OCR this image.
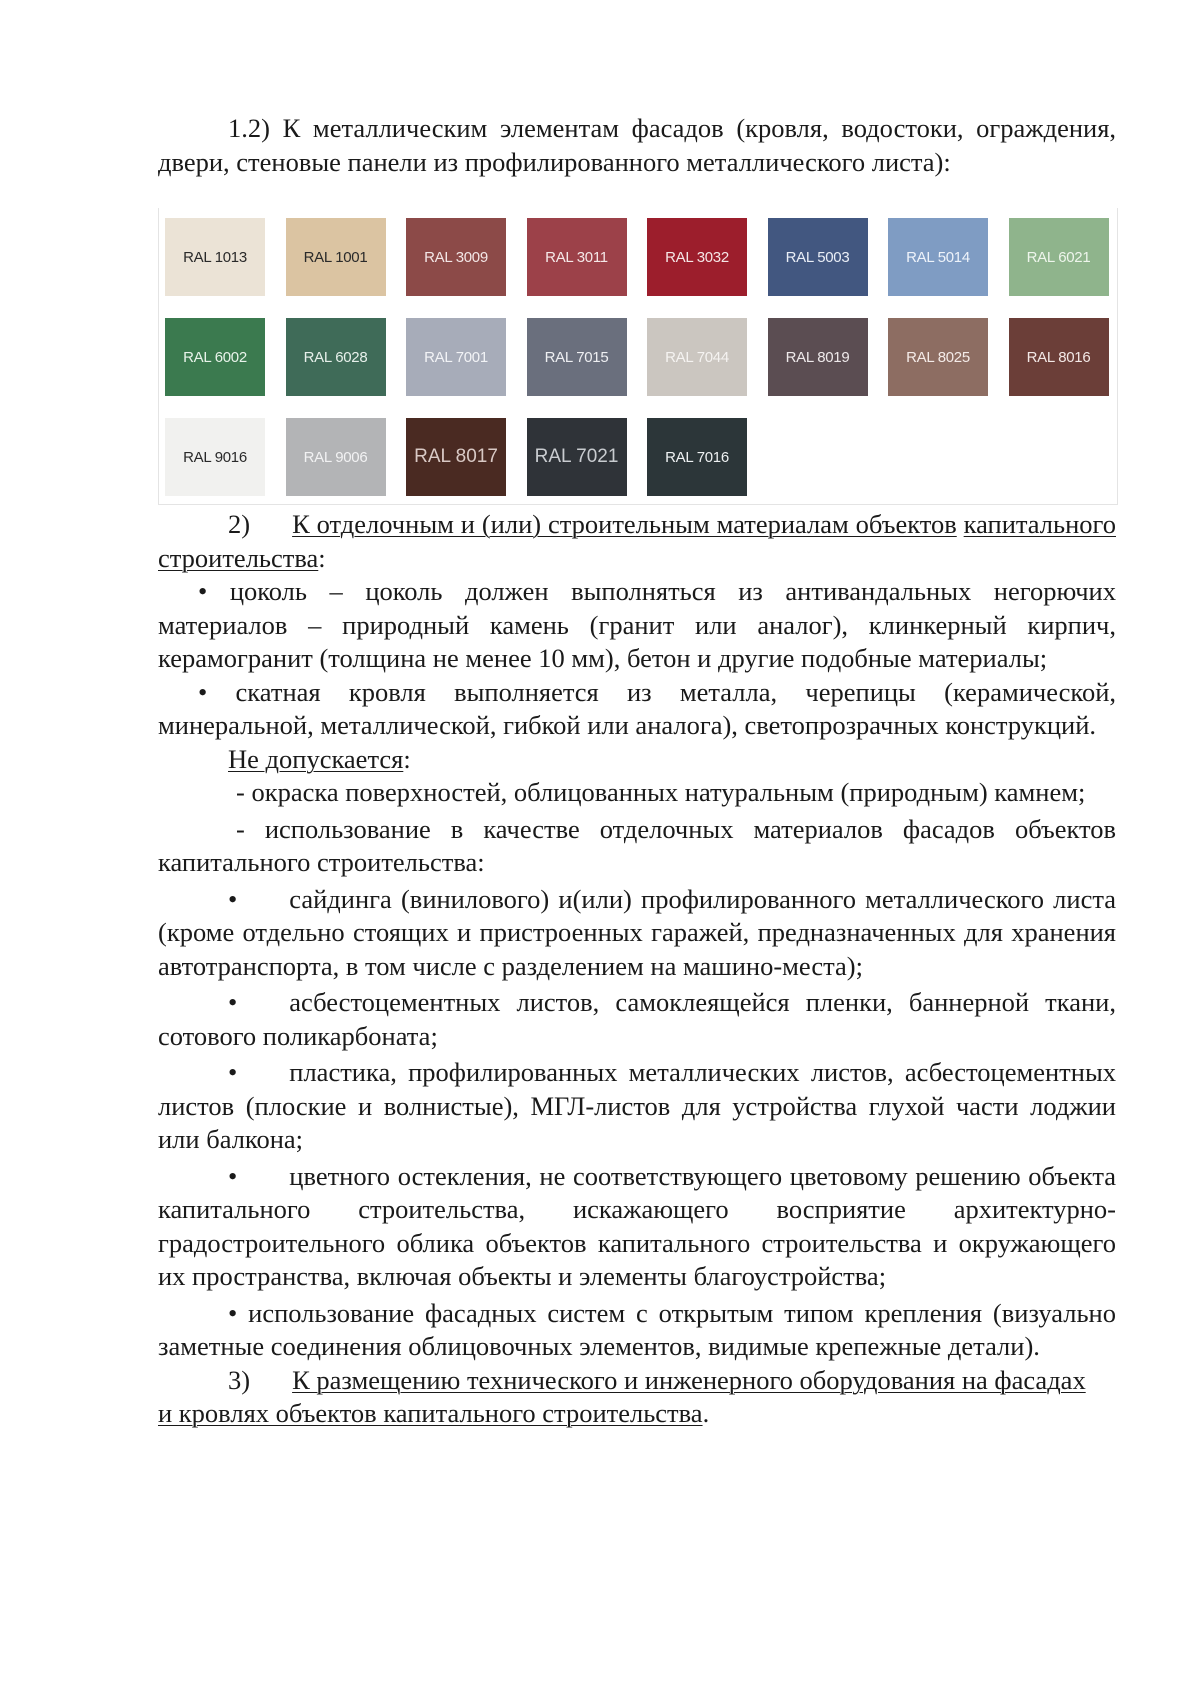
RAL 1013	RAL 1001	RAL 3009	RAL 3011	RAL 3032	RAL 5003	RAL 5014	RAL 6021
RAL 6002	RAL 6028	RAL 7001	RAL 7015	RAL 7044	RAL 8019	RAL 8025	RAL 8016
RAL 9016	RAL 9006	RAL 8017	RAL 7021	RAL 7016

1.2) К металлическим элементам фасадов (кровля, водостоки, ограждения, двери, стеновые панели из профилированного металлического листа):

2) К отделочным и (или) строительным материалам объектов капитального строительства:

• цоколь – цоколь должен выполняться из антивандальных негорючих материалов – природный камень (гранит или аналог), клинкерный кирпич, керамогранит (толщина не менее 10 мм), бетон и другие подобные материалы;

• скатная кровля выполняется из металла, черепицы (керамической, минеральной, металлической, гибкой или аналога), светопрозрачных конструкций.

Не допускается:

- окраска поверхностей, облицованных натуральным (природным) камнем;

- использование в качестве отделочных материалов фасадов объектов капитального строительства:

• сайдинга (винилового) и(или) профилированного металлического листа (кроме отдельно стоящих и пристроенных гаражей, предназначенных для хранения автотранспорта, в том числе с разделением на машино-места);

• асбестоцементных листов, самоклеящейся пленки, баннерной ткани, сотового поликарбоната;

• пластика, профилированных металлических листов, асбестоцементных листов (плоские и волнистые), МГЛ-листов для устройства глухой части лоджии или балкона;

• цветного остекления, не соответствующего цветовому решению объекта капитального строительства, искажающего восприятие архитектурно-градостроительного облика объектов капитального строительства и окружающего их пространства, включая объекты и элементы благоустройства;

• использование фасадных систем с открытым типом крепления (визуально заметные соединения облицовочных элементов, видимые крепежные детали).

3) К размещению технического и инженерного оборудования на фасадах

и кровлях объектов капитального строительства.
